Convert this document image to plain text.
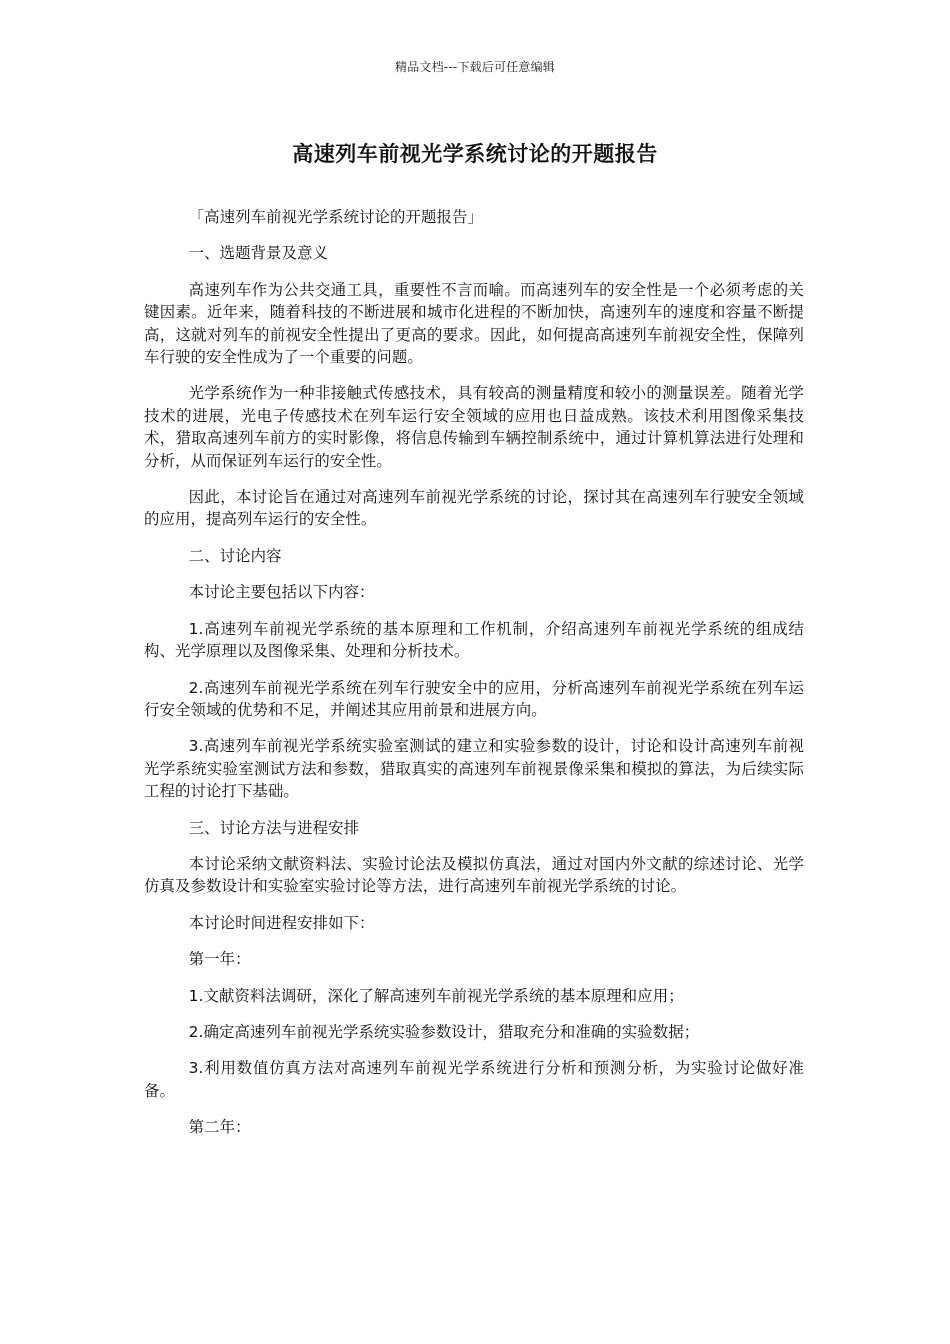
精品文档---下载后可任意编辑
高速列车前视光学系统讨论的开题报告

「高速列车前视光学系统讨论的开题报告」

一、选题背景及意义

高速列车作为公共交通工具，重要性不言而喻。而高速列车的安全性是一个必须考虑的关键因素。近年来，随着科技的不断进展和城市化进程的不断加快，高速列车的速度和容量不断提高，这就对列车的前视安全性提出了更高的要求。因此，如何提高高速列车前视安全性，保障列车行驶的安全性成为了一个重要的问题。

光学系统作为一种非接触式传感技术，具有较高的测量精度和较小的测量误差。随着光学技术的进展，光电子传感技术在列车运行安全领域的应用也日益成熟。该技术利用图像采集技术，猎取高速列车前方的实时影像，将信息传输到车辆控制系统中，通过计算机算法进行处理和分析，从而保证列车运行的安全性。

因此，本讨论旨在通过对高速列车前视光学系统的讨论，探讨其在高速列车行驶安全领域的应用，提高列车运行的安全性。

二、讨论内容

本讨论主要包括以下内容：

1.高速列车前视光学系统的基本原理和工作机制，介绍高速列车前视光学系统的组成结构、光学原理以及图像采集、处理和分析技术。

2.高速列车前视光学系统在列车行驶安全中的应用，分析高速列车前视光学系统在列车运行安全领域的优势和不足，并阐述其应用前景和进展方向。

3.高速列车前视光学系统实验室测试的建立和实验参数的设计，讨论和设计高速列车前视光学系统实验室测试方法和参数，猎取真实的高速列车前视景像采集和模拟的算法，为后续实际工程的讨论打下基础。

三、讨论方法与进程安排

本讨论采纳文献资料法、实验讨论法及模拟仿真法，通过对国内外文献的综述讨论、光学仿真及参数设计和实验室实验讨论等方法，进行高速列车前视光学系统的讨论。

本讨论时间进程安排如下：

第一年：

1.文献资料法调研，深化了解高速列车前视光学系统的基本原理和应用；

2.确定高速列车前视光学系统实验参数设计，猎取充分和准确的实验数据；

3.利用数值仿真方法对高速列车前视光学系统进行分析和预测分析，为实验讨论做好准备。

第二年：
